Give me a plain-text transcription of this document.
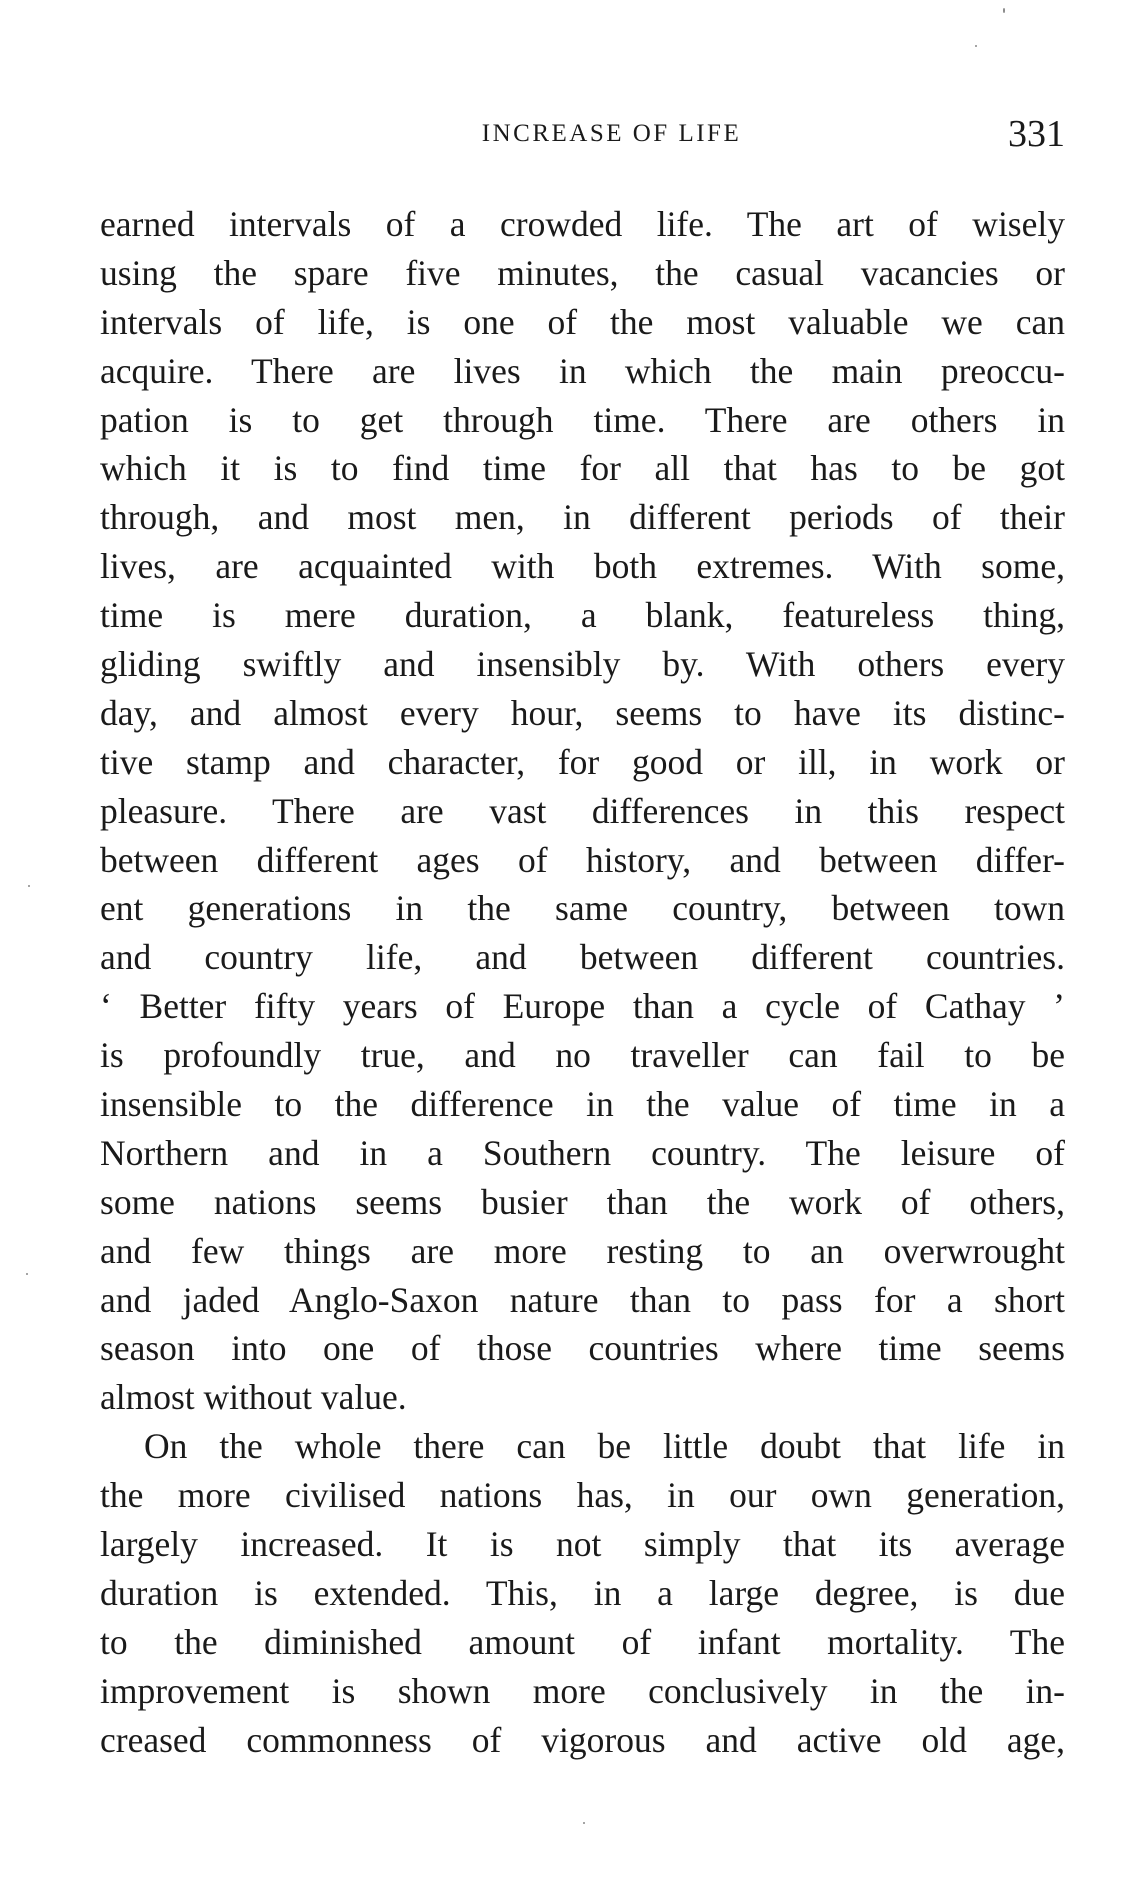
INCREASE OF LIFE	331
earned intervals of a crowded life. The art of wisely
using the spare five minutes, the casual vacancies or
intervals of life, is one of the most valuable we can
acquire. There are lives in which the main preoccu-
pation is to get through time. There are others in
which it is to find time for all that has to be got
through, and most men, in different periods of their
lives, are acquainted with both extremes. With some,
time is mere duration, a blank, featureless thing,
gliding swiftly and insensibly by. With others every
day, and almost every hour, seems to have its distinc-
tive stamp and character, for good or ill, in work or
pleasure. There are vast differences in this respect
between different ages of history, and between differ-
ent generations in the same country, between town
and country life, and between different countries.
‘ Better fifty years of Europe than a cycle of Cathay ’
is profoundly true, and no traveller can fail to be
insensible to the difference in the value of time in a
Northern and in a Southern country. The leisure of
some nations seems busier than the work of others,
and few things are more resting to an overwrought
and jaded Anglo-Saxon nature than to pass for a short
season into one of those countries where time seems
almost without value.
On the whole there can be little doubt that life in
the more civilised nations has, in our own generation,
largely increased. It is not simply that its average
duration is extended. This, in a large degree, is due
to the diminished amount of infant mortality. The
improvement is shown more conclusively in the in-
creased commonness of vigorous and active old age,
